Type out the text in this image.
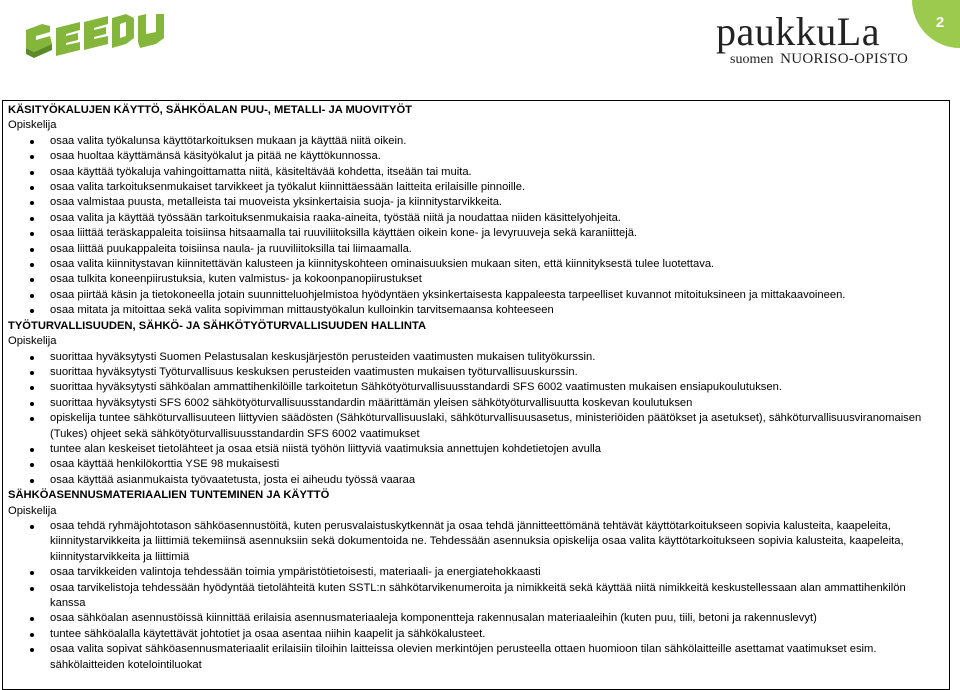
paukkuLa
suomen NUORISO-OPISTO
2
KÄSITYÖKALUJEN KÄYTTÖ, SÄHKÖALAN PUU-, METALLI- JA MUOVITYÖT
Opiskelija
osaa valita työkalunsa käyttötarkoituksen mukaan ja käyttää niitä oikein.
osaa huoltaa käyttämänsä käsityökalut ja pitää ne käyttökunnossa.
osaa käyttää työkaluja vahingoittamatta niitä, käsiteltävää kohdetta, itseään tai muita.
osaa valita tarkoituksenmukaiset tarvikkeet ja työkalut kiinnittäessään laitteita erilaisille pinnoille.
osaa valmistaa puusta, metalleista tai muoveista yksinkertaisia suoja- ja kiinnitystarvikkeita.
osaa valita ja käyttää työssään tarkoituksenmukaisia raaka-aineita, työstää niitä ja noudattaa niiden käsittelyohjeita.
osaa liittää teräskappaleita toisiinsa hitsaamalla tai ruuviliitoksilla käyttäen oikein kone- ja levyruuveja sekä karaniittejä.
osaa liittää puukappaleita toisiinsa naula- ja ruuviliitoksilla tai liimaamalla.
osaa valita kiinnitystavan kiinnitettävän kalusteen ja kiinnityskohteen ominaisuuksien mukaan siten, että kiinnityksestä tulee luotettava.
osaa tulkita koneenpiirustuksia, kuten valmistus- ja kokoonpanopiirustukset
osaa piirtää käsin ja tietokoneella jotain suunnitteluohjelmistoa hyödyntäen yksinkertaisesta kappaleesta tarpeelliset kuvannot mitoituksineen ja mittakaavoineen.
osaa mitata ja mitoittaa sekä valita sopivimman mittaustyökalun kulloinkin tarvitsemaansa kohteeseen
TYÖTURVALLISUUDEN, SÄHKÖ- JA SÄHKÖTYÖTURVALLISUUDEN HALLINTA
Opiskelija
suorittaa hyväksytysti Suomen Pelastusalan keskusjärjestön perusteiden vaatimusten mukaisen tulityökurssin.
suorittaa hyväksytysti Työturvallisuus keskuksen perusteiden vaatimusten mukaisen työturvallisuuskurssin.
suorittaa hyväksytysti sähköalan ammattihenkilöille tarkoitetun Sähkötyöturvallisuusstandardi SFS 6002 vaatimusten mukaisen ensiapukoulutuksen.
suorittaa hyväksytysti SFS 6002 sähkötyöturvallisuusstandardin määrittämän yleisen sähkötyöturvallisuutta koskevan koulutuksen
opiskelija tuntee sähköturvallisuuteen liittyvien säädösten (Sähköturvallisuuslaki, sähköturvallisuusasetus, ministeriöiden päätökset ja asetukset), sähköturvallisuusviranomaisen (Tukes) ohjeet sekä sähkötyöturvallisuusstandardin SFS 6002 vaatimukset
tuntee alan keskeiset tietolähteet ja osaa etsiä niistä työhön liittyviä vaatimuksia annettujen kohdetietojen avulla
osaa käyttää henkilökorttia YSE 98 mukaisesti
osaa käyttää asianmukaista työvaatetusta, josta ei aiheudu työssä vaaraa
SÄHKÖASENNUSMATERIAALIEN TUNTEMINEN JA KÄYTTÖ
Opiskelija
osaa tehdä ryhmäjohtotason sähköasennustöitä, kuten perusvalaistuskytkennät ja osaa tehdä jännitteettömänä tehtävät käyttötarkoitukseen sopivia kalusteita, kaapeleita, kiinnitystarvikkeita ja liittimiä tekemiinsä asennuksiin sekä dokumentoida ne. Tehdessään asennuksia opiskelija osaa valita käyttötarkoitukseen sopivia kalusteita, kaapeleita, kiinnitystarvikkeita ja liittimiä
osaa tarvikkeiden valintoja tehdessään toimia ympäristötietoisesti, materiaali- ja energiatehokkaasti
osaa tarvikelistoja tehdessään hyödyntää tietolähteitä kuten SSTL:n sähkötarvikenumeroita ja nimikkeitä sekä käyttää niitä nimikkeitä keskustellessaan alan ammattihenkilön kanssa
osaa sähköalan asennustöissä kiinnittää erilaisia asennusmateriaaleja komponentteja rakennusalan materiaaleihin (kuten puu, tiili, betoni ja rakennuslevyt)
tuntee sähköalalla käytettävät johtotiet ja osaa asentaa niihin kaapelit ja sähkökalusteet.
osaa valita sopivat sähköasennusmateriaalit erilaisiin tiloihin laitteissa olevien merkintöjen perusteella ottaen huomioon tilan sähkölaitteille asettamat vaatimukset esim. sähkölaitteiden kotelointiluokat
